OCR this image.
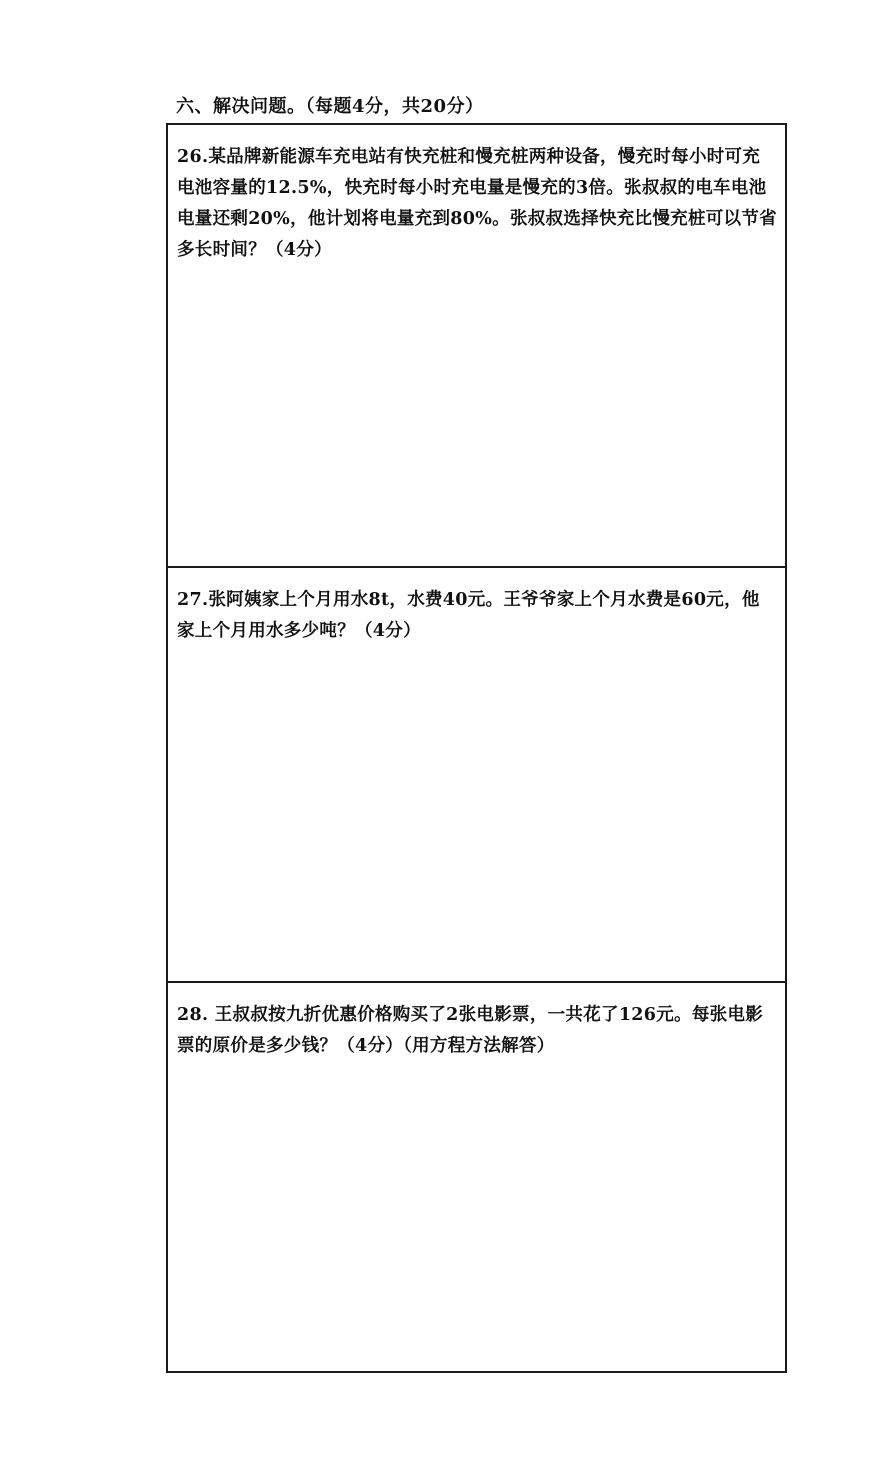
六、解决问题。（每题4分，共20分）
26.某品牌新能源车充电站有快充桩和慢充桩两种设备，慢充时每小时可充电池容量的12.5%，快充时每小时充电量是慢充的3倍。张叔叔的电车电池电量还剩20%，他计划将电量充到80%。张叔叔选择快充比慢充桩可以节省多长时间？（4分）
27.张阿姨家上个月用水8t，水费40元。王爷爷家上个月水费是60元，他家上个月用水多少吨？（4分）
28. 王叔叔按九折优惠价格购买了2张电影票，一共花了126元。每张电影票的原价是多少钱？（4分）（用方程方法解答）
